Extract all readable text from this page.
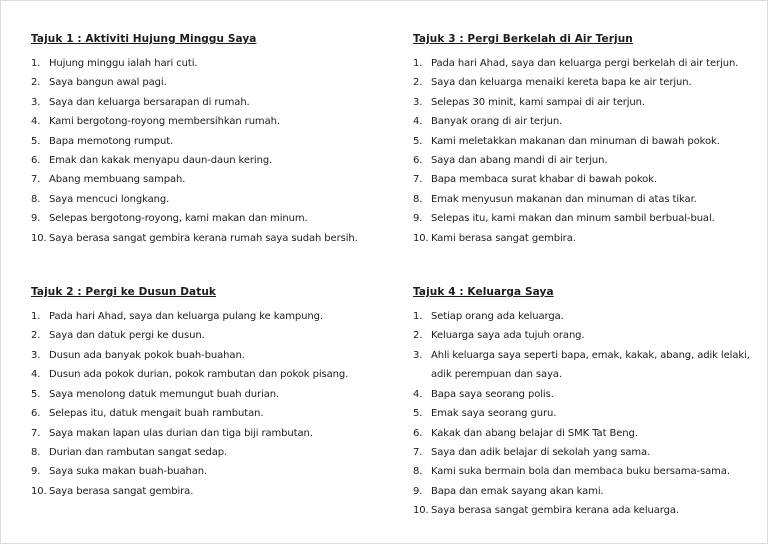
Tajuk 1 : Aktiviti Hujung Minggu Saya
1. Hujung minggu ialah hari cuti.
2. Saya bangun awal pagi.
3. Saya dan keluarga bersarapan di rumah.
4. Kami bergotong-royong membersihkan rumah.
5. Bapa memotong rumput.
6. Emak dan kakak menyapu daun-daun kering.
7. Abang membuang sampah.
8. Saya mencuci longkang.
9. Selepas bergotong-royong, kami makan dan minum.
10. Saya berasa sangat gembira kerana rumah saya sudah bersih.
Tajuk 2 : Pergi ke Dusun Datuk
1. Pada hari Ahad, saya dan keluarga pulang ke kampung.
2. Saya dan datuk pergi ke dusun.
3. Dusun ada banyak pokok buah-buahan.
4. Dusun ada pokok durian, pokok rambutan dan pokok pisang.
5. Saya menolong datuk memungut buah durian.
6. Selepas itu, datuk mengait buah rambutan.
7. Saya makan lapan ulas durian dan tiga biji rambutan.
8. Durian dan rambutan sangat sedap.
9. Saya suka makan buah-buahan.
10. Saya berasa sangat gembira.
Tajuk 3 : Pergi Berkelah di Air Terjun
1. Pada hari Ahad, saya dan keluarga pergi berkelah di air terjun.
2. Saya dan keluarga menaiki kereta bapa ke air terjun.
3. Selepas 30 minit, kami sampai di air terjun.
4. Banyak orang di air terjun.
5. Kami meletakkan makanan dan minuman di bawah pokok.
6. Saya dan abang mandi di air terjun.
7. Bapa membaca surat khabar di bawah pokok.
8. Emak menyusun makanan dan minuman di atas tikar.
9. Selepas itu, kami makan dan minum sambil berbual-bual.
10. Kami berasa sangat gembira.
Tajuk 4 : Keluarga Saya
1. Setiap orang ada keluarga.
2. Keluarga saya ada tujuh orang.
3. Ahli keluarga saya seperti bapa, emak, kakak, abang, adik lelaki, adik perempuan dan saya.
4. Bapa saya seorang polis.
5. Emak saya seorang guru.
6. Kakak dan abang belajar di SMK Tat Beng.
7. Saya dan adik belajar di sekolah yang sama.
8. Kami suka bermain bola dan membaca buku bersama-sama.
9. Bapa dan emak sayang akan kami.
10. Saya berasa sangat gembira kerana ada keluarga.
